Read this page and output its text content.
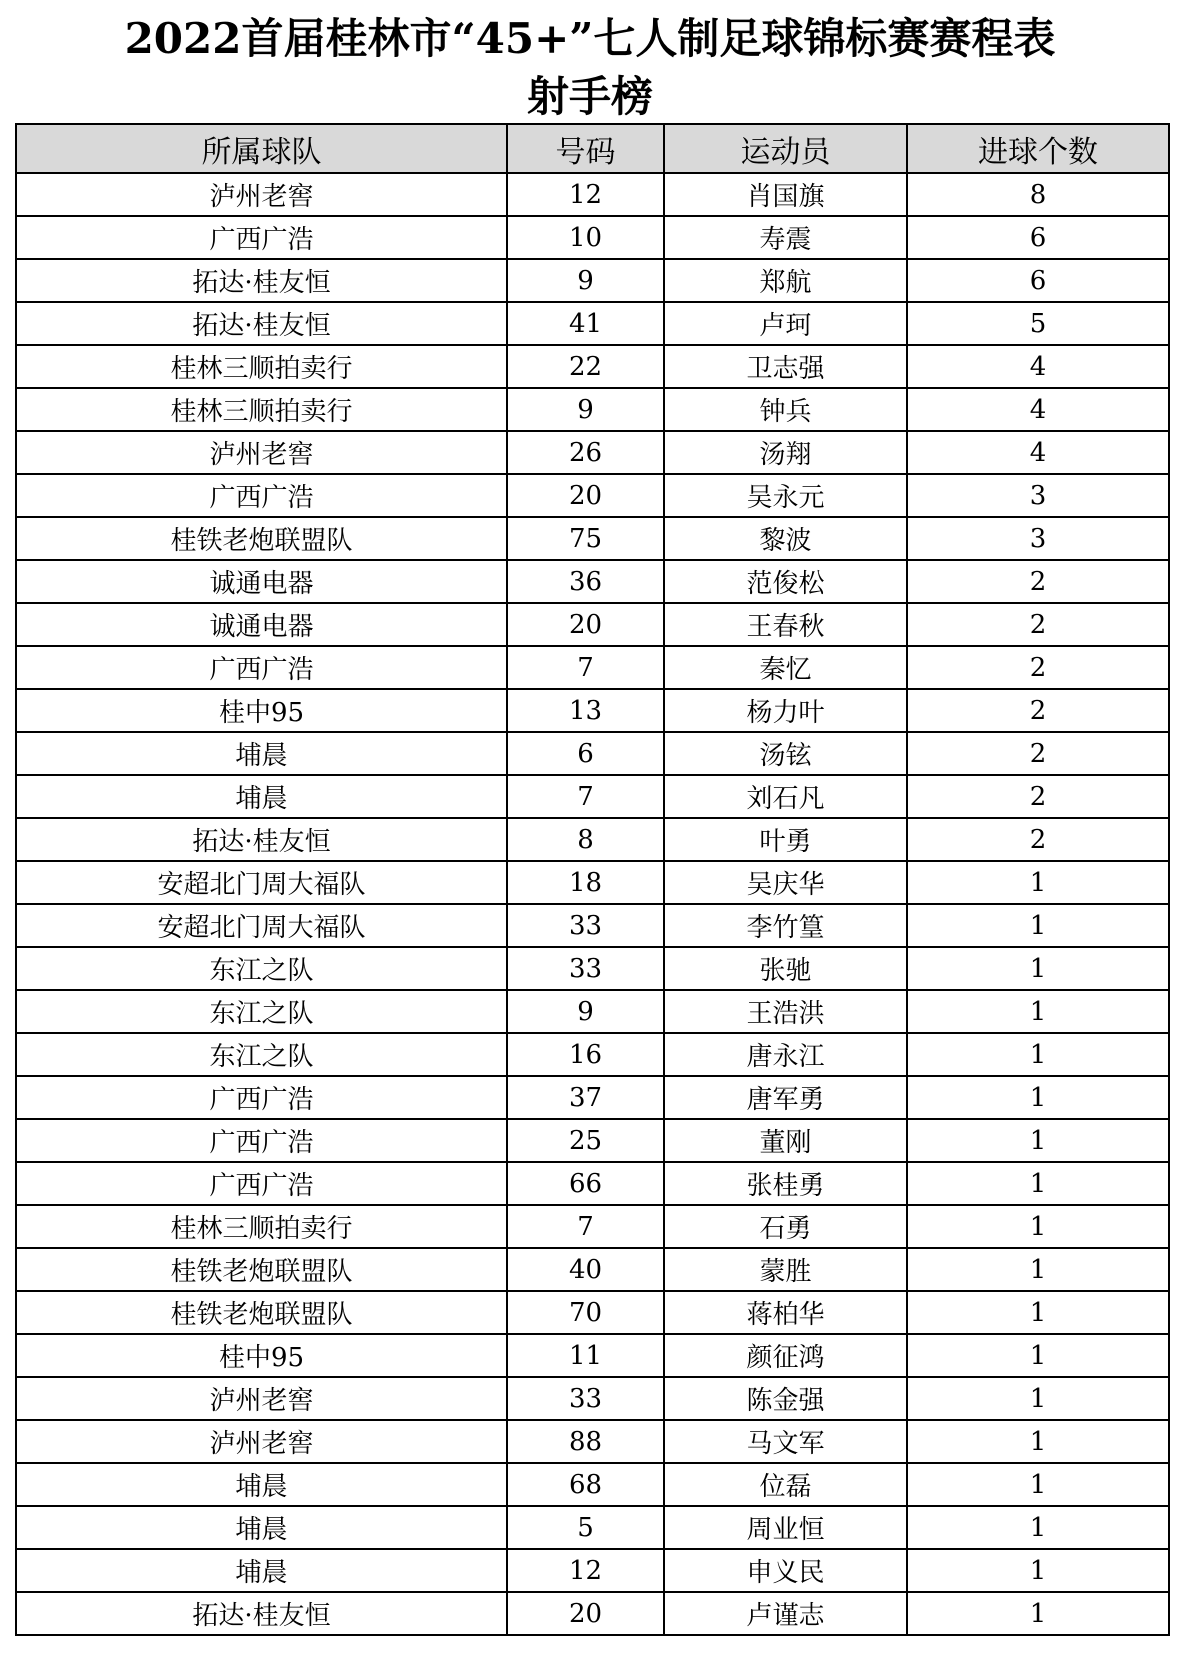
2022首届桂林市“45+”七人制足球锦标赛赛程表
射手榜
所属球队	号码	运动员	进球个数
泸州老窖	12	肖国旗	8
广西广浩	10	寿震	6
拓达·桂友恒	9	郑航	6
拓达·桂友恒	41	卢珂	5
桂林三顺拍卖行	22	卫志强	4
桂林三顺拍卖行	9	钟兵	4
泸州老窖	26	汤翔	4
广西广浩	20	吴永元	3
桂铁老炮联盟队	75	黎波	3
诚通电器	36	范俊松	2
诚通电器	20	王春秋	2
广西广浩	7	秦忆	2
桂中95	13	杨力叶	2
埔晨	6	汤铉	2
埔晨	7	刘石凡	2
拓达·桂友恒	8	叶勇	2
安超北门周大福队	18	吴庆华	1
安超北门周大福队	33	李竹篁	1
东江之队	33	张驰	1
东江之队	9	王浩洪	1
东江之队	16	唐永江	1
广西广浩	37	唐军勇	1
广西广浩	25	董刚	1
广西广浩	66	张桂勇	1
桂林三顺拍卖行	7	石勇	1
桂铁老炮联盟队	40	蒙胜	1
桂铁老炮联盟队	70	蒋柏华	1
桂中95	11	颜征鸿	1
泸州老窖	33	陈金强	1
泸州老窖	88	马文军	1
埔晨	68	位磊	1
埔晨	5	周业恒	1
埔晨	12	申义民	1
拓达·桂友恒	20	卢谨志	1
